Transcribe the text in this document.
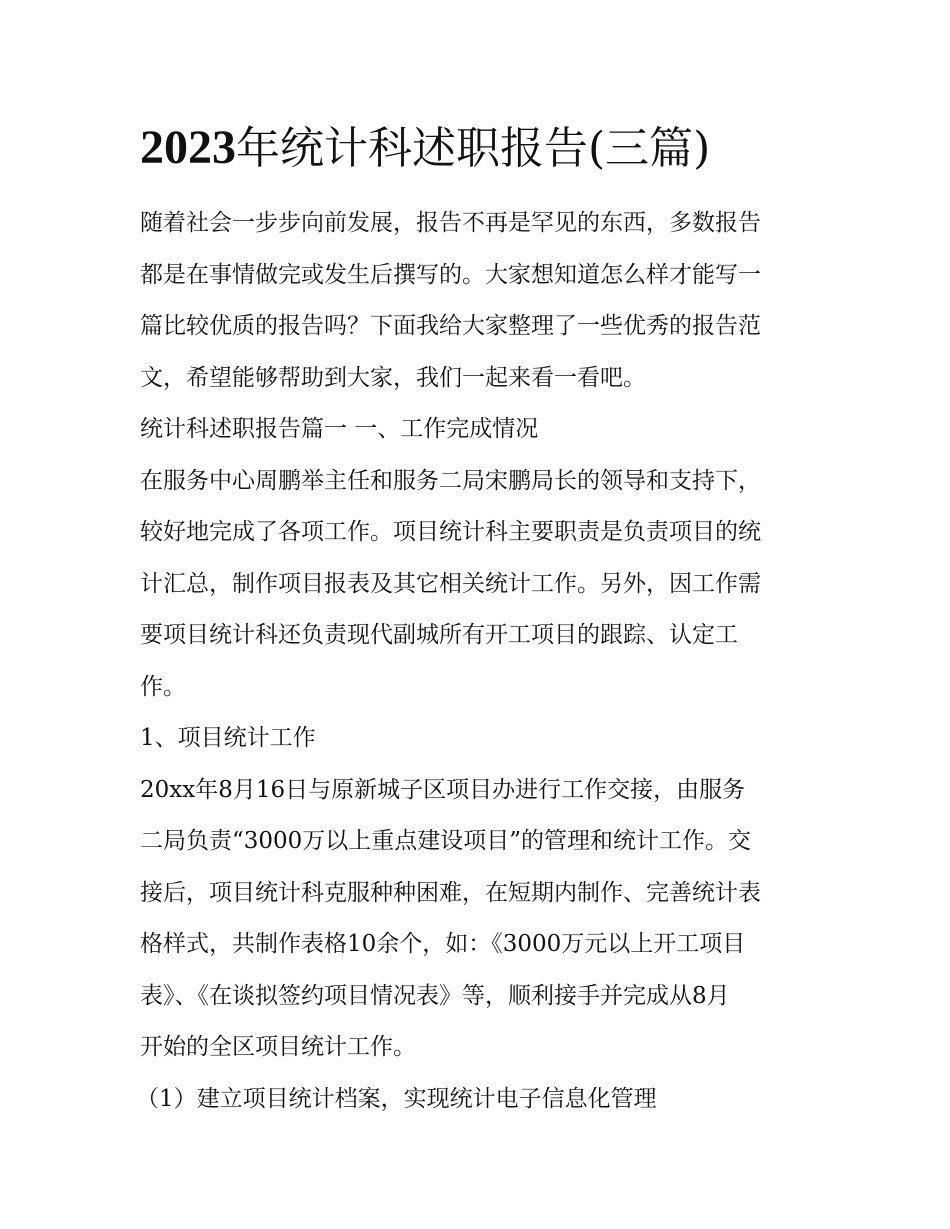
2023年统计科述职报告(三篇)
随着社会一步步向前发展，报告不再是罕见的东西，多数报告
都是在事情做完或发生后撰写的。大家想知道怎么样才能写一
篇比较优质的报告吗？下面我给大家整理了一些优秀的报告范
文，希望能够帮助到大家，我们一起来看一看吧。
统计科述职报告篇一 一、工作完成情况
在服务中心周鹏举主任和服务二局宋鹏局长的领导和支持下，
较好地完成了各项工作。项目统计科主要职责是负责项目的统
计汇总，制作项目报表及其它相关统计工作。另外，因工作需
要项目统计科还负责现代副城所有开工项目的跟踪、认定工
作。
1、项目统计工作
20xx年8月16日与原新城子区项目办进行工作交接，由服务
二局负责“3000万以上重点建设项目”的管理和统计工作。交
接后，项目统计科克服种种困难，在短期内制作、完善统计表
格样式，共制作表格10余个，如：《3000万元以上开工项目
表》、《在谈拟签约项目情况表》等，顺利接手并完成从8月
开始的全区项目统计工作。
（1）建立项目统计档案，实现统计电子信息化管理
